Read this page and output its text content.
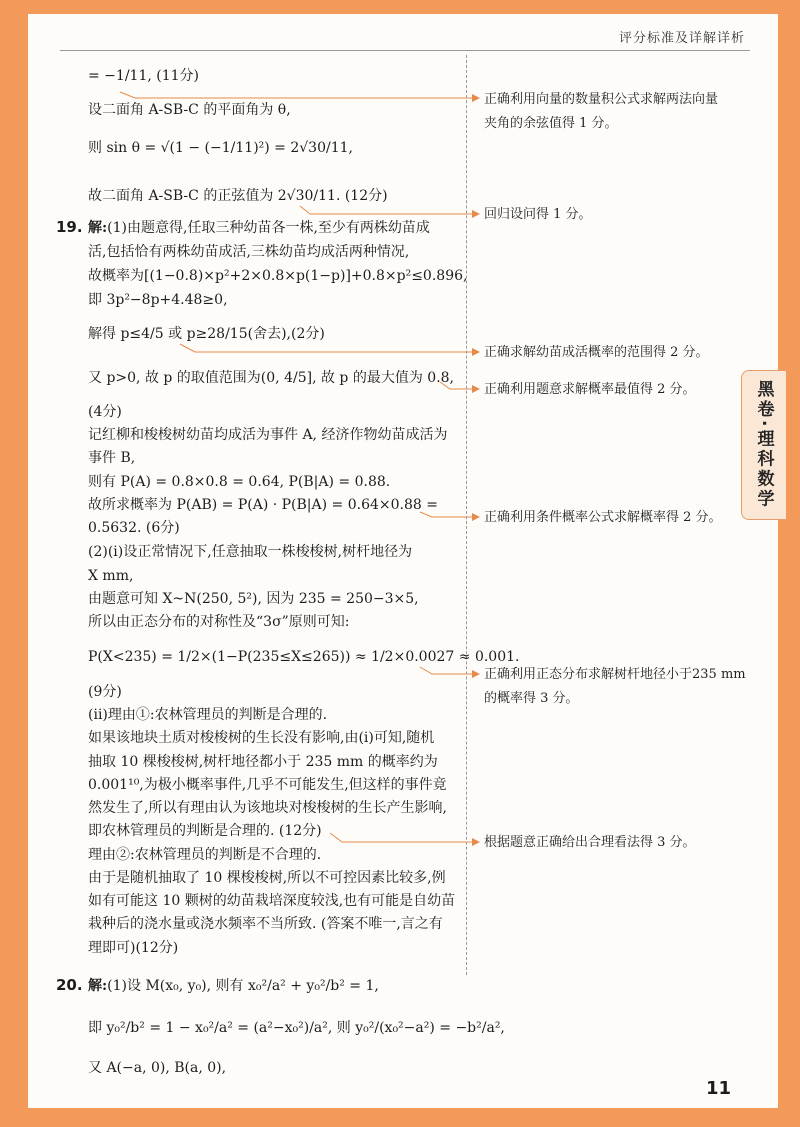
评分标准及详解详析
黑卷·理科数学
= −1/11, (11分)
设二面角 A-SB-C 的平面角为 θ,
则 sin θ = √(1 − (−1/11)²) = 2√30/11,
故二面角 A-SB-C 的正弦值为 2√30/11. (12分)
19. 解:(1)由题意得,任取三种幼苗各一株,至少有两株幼苗成
活,包括恰有两株幼苗成活,三株幼苗均成活两种情况,
故概率为[(1−0.8)×p²+2×0.8×p(1−p)]+0.8×p²≤0.896,
即 3p²−8p+4.48≥0,
解得 p≤4/5 或 p≥28/15(舍去),(2分)
又 p>0, 故 p 的取值范围为(0, 4/5], 故 p 的最大值为 0.8,
(4分)
记红柳和梭梭树幼苗均成活为事件 A, 经济作物幼苗成活为
事件 B,
则有 P(A) = 0.8×0.8 = 0.64, P(B|A) = 0.88.
故所求概率为 P(AB) = P(A) · P(B|A) = 0.64×0.88 =
0.5632. (6分)
(2)(ⅰ)设正常情况下,任意抽取一株梭梭树,树杆地径为
X mm,
由题意可知 X~N(250, 5²), 因为 235 = 250−3×5,
所以由正态分布的对称性及“3σ”原则可知:
P(X<235) = 1/2×(1−P(235≤X≤265)) ≈ 1/2×0.0027 ≈ 0.001.
(9分)
(ⅱ)理由①:农林管理员的判断是合理的.
如果该地块土质对梭梭树的生长没有影响,由(ⅰ)可知,随机
抽取 10 棵梭梭树,树杆地径都小于 235 mm 的概率约为
0.001¹⁰,为极小概率事件,几乎不可能发生,但这样的事件竟
然发生了,所以有理由认为该地块对梭梭树的生长产生影响,
即农林管理员的判断是合理的. (12分)
理由②:农林管理员的判断是不合理的.
由于是随机抽取了 10 棵梭梭树,所以不可控因素比较多,例
如有可能这 10 颗树的幼苗栽培深度较浅,也有可能是自幼苗
栽种后的浇水量或浇水频率不当所致. (答案不唯一,言之有
理即可)(12分)
20. 解:(1)设 M(x₀, y₀), 则有 x₀²/a² + y₀²/b² = 1,
即 y₀²/b² = 1 − x₀²/a² = (a²−x₀²)/a², 则 y₀²/(x₀²−a²) = −b²/a²,
又 A(−a, 0), B(a, 0),
正确利用向量的数量积公式求解两法向量
夹角的余弦值得 1 分。
回归设问得 1 分。
正确求解幼苗成活概率的范围得 2 分。
正确利用题意求解概率最值得 2 分。
正确利用条件概率公式求解概率得 2 分。
正确利用正态分布求解树杆地径小于235 mm
的概率得 3 分。
根据题意正确给出合理看法得 3 分。
11
